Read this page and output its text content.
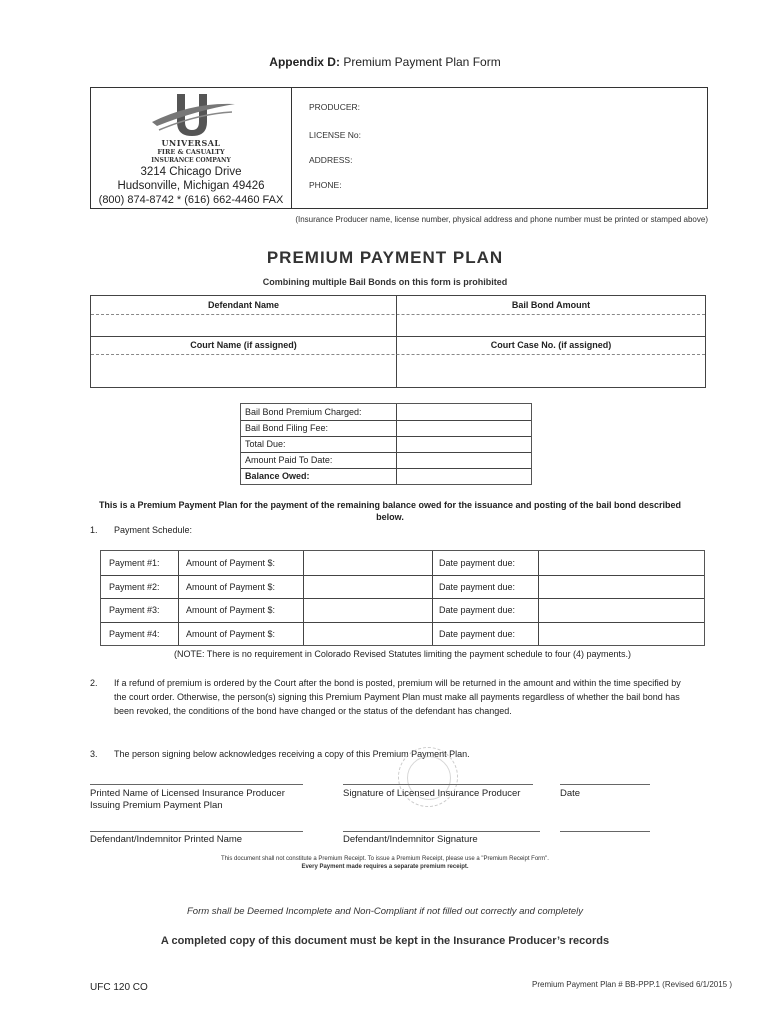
Appendix D: Premium Payment Plan Form
UNIVERSAL
FIRE & CASUALTY
INSURANCE COMPANY
3214 Chicago Drive
Hudsonville, Michigan 49426
(800) 874-8742 * (616) 662-4460 FAX
PRODUCER:
LICENSE No:
ADDRESS:
PHONE:
(Insurance Producer name, license number, physical address and phone number must be printed or stamped above)
PREMIUM PAYMENT PLAN
Combining multiple Bail Bonds on this form is prohibited
Defendant Name	Bail Bond Amount
Court Name (if assigned)	Court Case No. (if assigned)
Bail Bond Premium Charged:
Bail Bond Filing Fee:
Total Due:
Amount Paid To Date:
Balance Owed:
This is a Premium Payment Plan for the payment of the remaining balance owed for the issuance and posting of the bail bond described below.
1. Payment Schedule:
Payment #1:	Amount of Payment $:	Date payment due:
Payment #2:	Amount of Payment $:	Date payment due:
Payment #3:	Amount of Payment $:	Date payment due:
Payment #4:	Amount of Payment $:	Date payment due:
(NOTE: There is no requirement in Colorado Revised Statutes limiting the payment schedule to four (4) payments.)
2. If a refund of premium is ordered by the Court after the bond is posted, premium will be returned in the amount and within the time specified by the court order. Otherwise, the person(s) signing this Premium Payment Plan must make all payments regardless of whether the bail bond has been revoked, the conditions of the bond have changed or the status of the defendant has changed.
3. The person signing below acknowledges receiving a copy of this Premium Payment Plan.
Printed Name of Licensed Insurance Producer
Issuing Premium Payment Plan
Signature of Licensed Insurance Producer	Date
Defendant/Indemnitor Printed Name	Defendant/Indemnitor Signature
This document shall not constitute a Premium Receipt. To issue a Premium Receipt, please use a "Premium Receipt Form".
Every Payment made requires a separate premium receipt.
Form shall be Deemed Incomplete and Non-Compliant if not filled out correctly and completely
A completed copy of this document must be kept in the Insurance Producer’s records
UFC 120 CO	Premium Payment Plan # BB-PPP.1 (Revised 6/1/2015 )
